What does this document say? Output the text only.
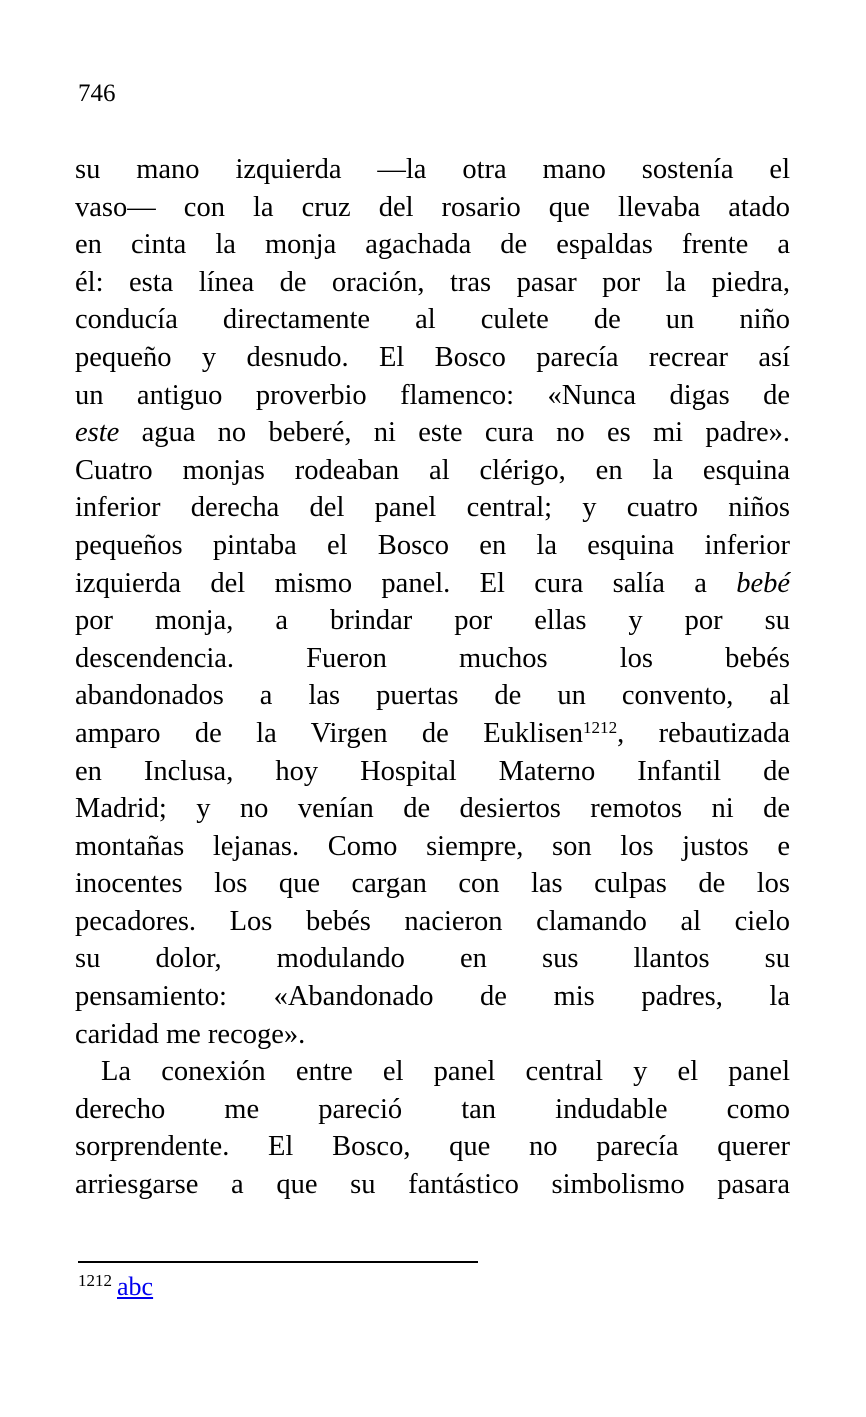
746
su mano izquierda —la otra mano sostenía el
vaso— con la cruz del rosario que llevaba atado
en cinta la monja agachada de espaldas frente a
él: esta línea de oración, tras pasar por la piedra,
conducía directamente al culete de un niño
pequeño y desnudo. El Bosco parecía recrear así
un antiguo proverbio flamenco: «Nunca digas de
este agua no beberé, ni este cura no es mi padre».
Cuatro monjas rodeaban al clérigo, en la esquina
inferior derecha del panel central; y cuatro niños
pequeños pintaba el Bosco en la esquina inferior
izquierda del mismo panel. El cura salía a bebé
por monja, a brindar por ellas y por su
descendencia. Fueron muchos los bebés
abandonados a las puertas de un convento, al
amparo de la Virgen de Euklisen$^{1212}$, rebautizada
en Inclusa, hoy Hospital Materno Infantil de
Madrid; y no venían de desiertos remotos ni de
montañas lejanas. Como siempre, son los justos e
inocentes los que cargan con las culpas de los
pecadores. Los bebés nacieron clamando al cielo
su dolor, modulando en sus llantos su
pensamiento: «Abandonado de mis padres, la
caridad me recoge».
La conexión entre el panel central y el panel
derecho me pareció tan indudable como
sorprendente. El Bosco, que no parecía querer
arriesgarse a que su fantástico simbolismo pasara
$^{1212}$ abc
